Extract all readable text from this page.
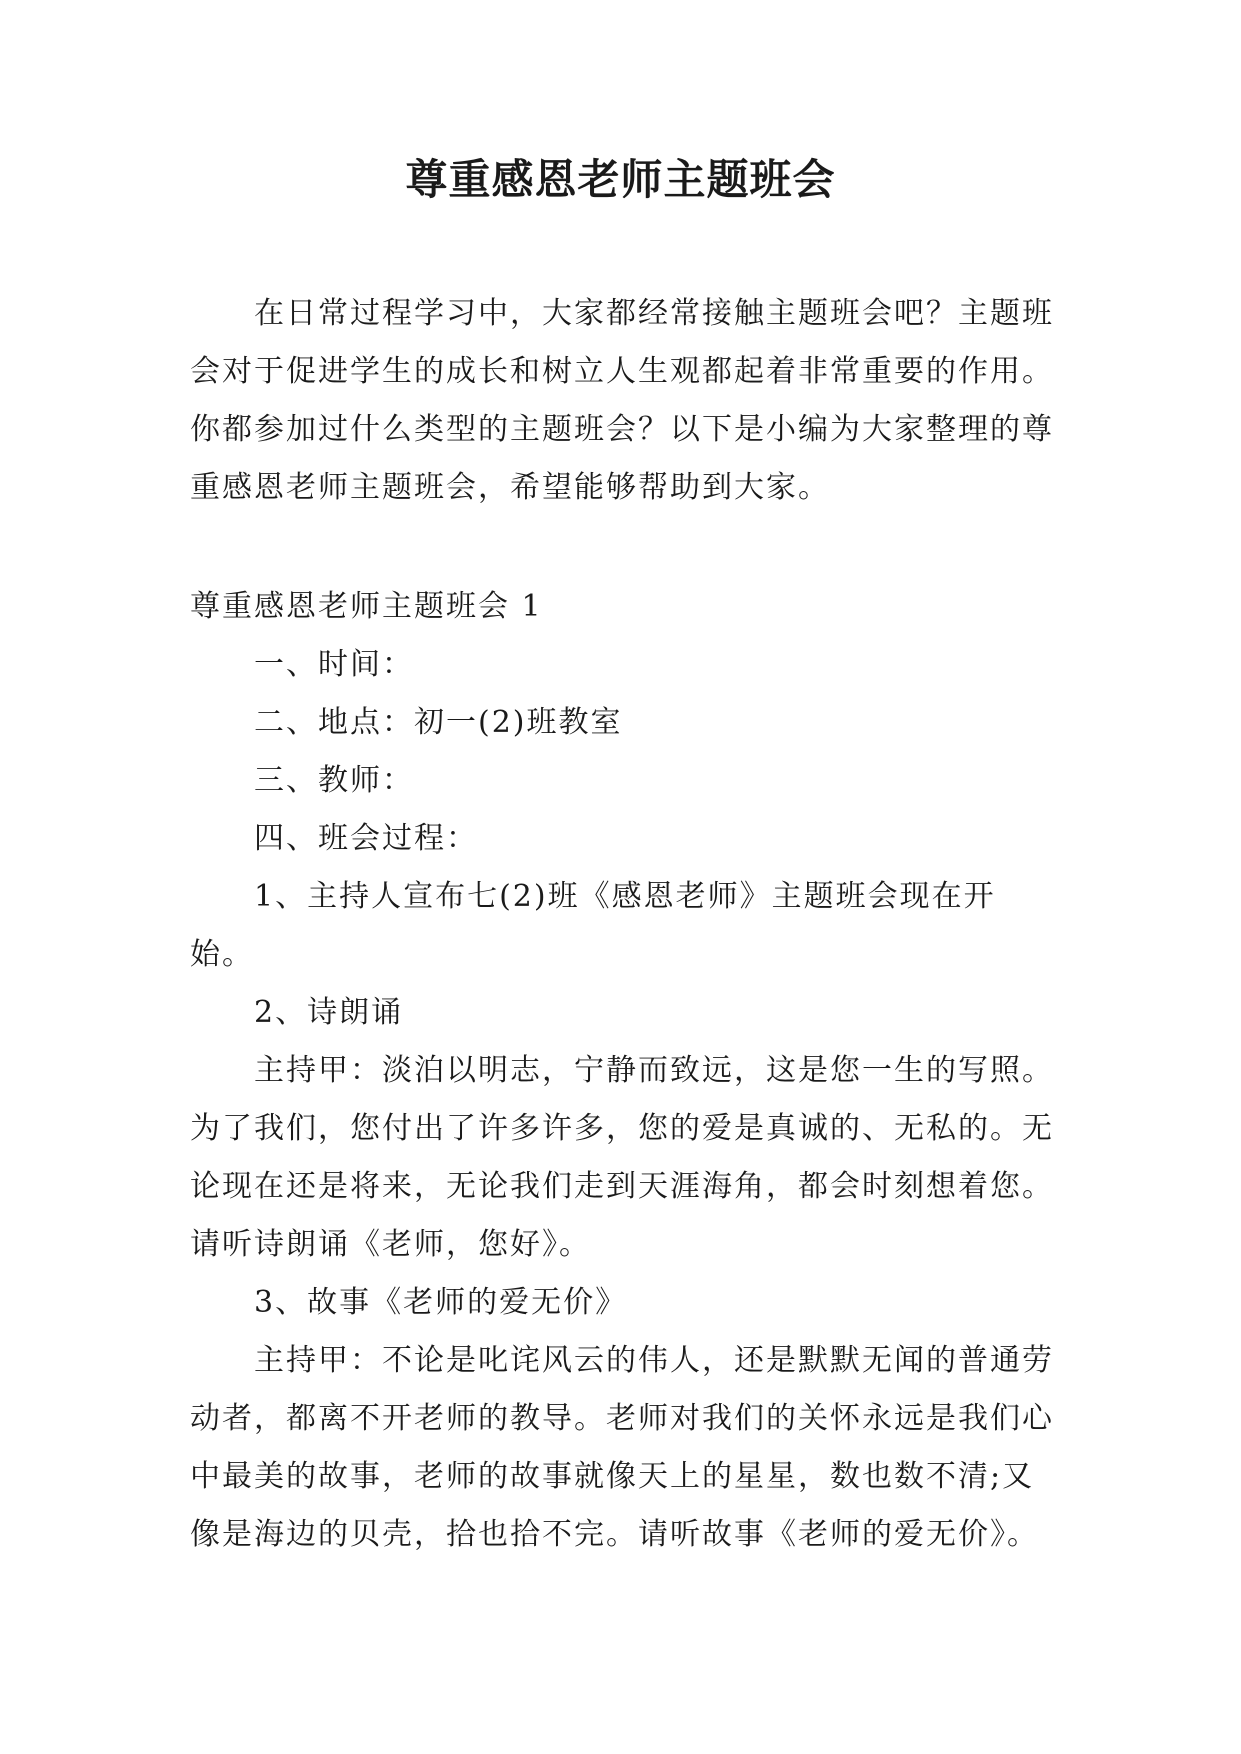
尊重感恩老师主题班会

在日常过程学习中，大家都经常接触主题班会吧？主题班会对于促进学生的成长和树立人生观都起着非常重要的作用。你都参加过什么类型的主题班会？以下是小编为大家整理的尊重感恩老师主题班会，希望能够帮助到大家。

尊重感恩老师主题班会 1

一、时间：

二、地点：初一(2)班教室

三、教师：

四、班会过程：

1、主持人宣布七(2)班《感恩老师》主题班会现在开始。

2、诗朗诵

主持甲：淡泊以明志，宁静而致远，这是您一生的写照。为了我们，您付出了许多许多，您的爱是真诚的、无私的。无论现在还是将来，无论我们走到天涯海角，都会时刻想着您。请听诗朗诵《老师，您好》。

3、故事《老师的爱无价》

主持甲：不论是叱诧风云的伟人，还是默默无闻的普通劳动者，都离不开老师的教导。老师对我们的关怀永远是我们心中最美的故事，老师的故事就像天上的星星，数也数不清;又像是海边的贝壳，拾也拾不完。请听故事《老师的爱无价》。
